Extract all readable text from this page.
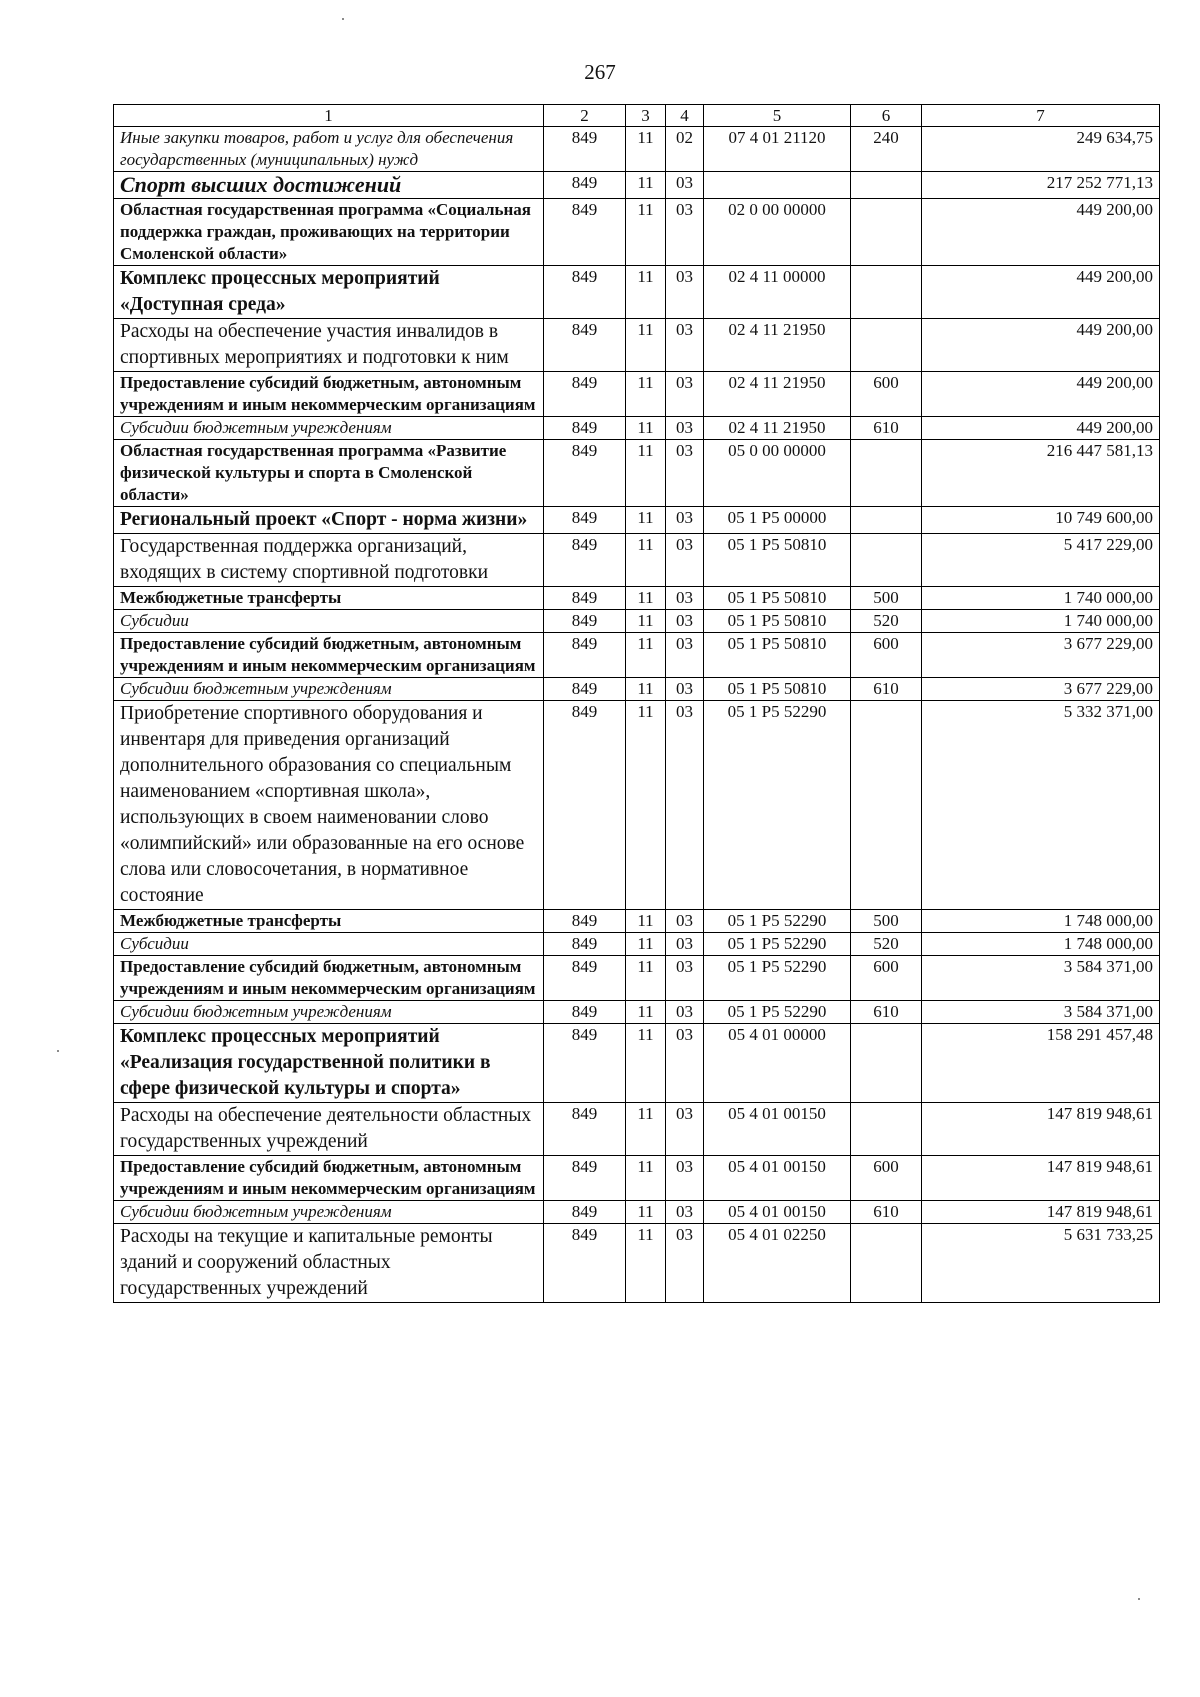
267
1	2	3	4	5	6	7
Иные закупки товаров, работ и услуг для обеспечения государственных (муниципальных) нужд	849	11	02	07 4 01 21120	240	249 634,75
Спорт высших достижений	849	11	03			217 252 771,13
Областная государственная программа «Социальная поддержка граждан, проживающих на территории Смоленской области»	849	11	03	02 0 00 00000		449 200,00
Комплекс процессных мероприятий «Доступная среда»	849	11	03	02 4 11 00000		449 200,00
Расходы на обеспечение участия инвалидов в спортивных мероприятиях и подготовки к ним	849	11	03	02 4 11 21950		449 200,00
Предоставление субсидий бюджетным, автономным учреждениям и иным некоммерческим организациям	849	11	03	02 4 11 21950	600	449 200,00
Субсидии бюджетным учреждениям	849	11	03	02 4 11 21950	610	449 200,00
Областная государственная программа «Развитие физической культуры и спорта в Смоленской области»	849	11	03	05 0 00 00000		216 447 581,13
Региональный проект «Спорт - норма жизни»	849	11	03	05 1 P5 00000		10 749 600,00
Государственная поддержка организаций, входящих в систему спортивной подготовки	849	11	03	05 1 P5 50810		5 417 229,00
Межбюджетные трансферты	849	11	03	05 1 P5 50810	500	1 740 000,00
Субсидии	849	11	03	05 1 P5 50810	520	1 740 000,00
Предоставление субсидий бюджетным, автономным учреждениям и иным некоммерческим организациям	849	11	03	05 1 P5 50810	600	3 677 229,00
Субсидии бюджетным учреждениям	849	11	03	05 1 P5 50810	610	3 677 229,00
Приобретение спортивного оборудования и инвентаря для приведения организаций дополнительного образования со специальным наименованием «спортивная школа», использующих в своем наименовании слово «олимпийский» или образованные на его основе слова или словосочетания, в нормативное состояние	849	11	03	05 1 P5 52290		5 332 371,00
Межбюджетные трансферты	849	11	03	05 1 P5 52290	500	1 748 000,00
Субсидии	849	11	03	05 1 P5 52290	520	1 748 000,00
Предоставление субсидий бюджетным, автономным учреждениям и иным некоммерческим организациям	849	11	03	05 1 P5 52290	600	3 584 371,00
Субсидии бюджетным учреждениям	849	11	03	05 1 P5 52290	610	3 584 371,00
Комплекс процессных мероприятий «Реализация государственной политики в сфере физической культуры и спорта»	849	11	03	05 4 01 00000		158 291 457,48
Расходы на обеспечение деятельности областных государственных учреждений	849	11	03	05 4 01 00150		147 819 948,61
Предоставление субсидий бюджетным, автономным учреждениям и иным некоммерческим организациям	849	11	03	05 4 01 00150	600	147 819 948,61
Субсидии бюджетным учреждениям	849	11	03	05 4 01 00150	610	147 819 948,61
Расходы на текущие и капитальные ремонты зданий и сооружений областных государственных учреждений	849	11	03	05 4 01 02250		5 631 733,25
